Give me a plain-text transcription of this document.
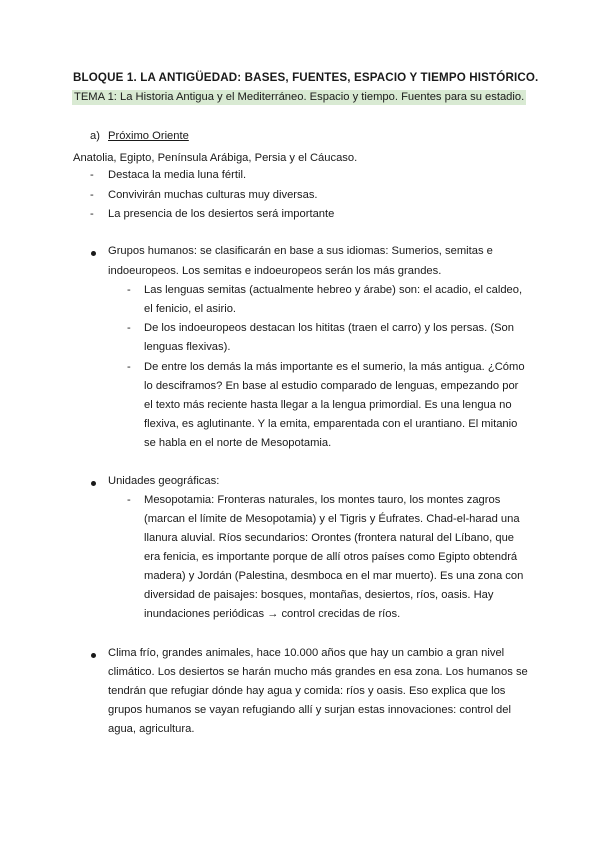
BLOQUE 1. LA ANTIGÜEDAD: BASES, FUENTES, ESPACIO Y TIEMPO HISTÓRICO.
TEMA 1: La Historia Antigua y el Mediterráneo. Espacio y tiempo. Fuentes para su estadio.
a) Próximo Oriente
Anatolia, Egipto, Península Arábiga, Persia y el Cáucaso.
- Destaca la media luna fértil.
- Convivirán muchas culturas muy diversas.
- La presencia de los desiertos será importante
Grupos humanos: se clasificarán en base a sus idiomas: Sumerios, semitas e
indoeuropeos. Los semitas e indoeuropeos serán los más grandes.
- Las lenguas semitas (actualmente hebreo y árabe) son: el acadio, el caldeo,
el fenicio, el asirio.
- De los indoeuropeos destacan los hititas (traen el carro) y los persas. (Son
lenguas flexivas).
- De entre los demás la más importante es el sumerio, la más antigua. ¿Cómo
lo desciframos? En base al estudio comparado de lenguas, empezando por
el texto más reciente hasta llegar a la lengua primordial. Es una lengua no
flexiva, es aglutinante. Y la emita, emparentada con el urantiano. El mitanio
se habla en el norte de Mesopotamia.
Unidades geográficas:
- Mesopotamia: Fronteras naturales, los montes tauro, los montes zagros
(marcan el límite de Mesopotamia) y el Tigris y Éufrates. Chad-el-harad una
llanura aluvial. Ríos secundarios: Orontes (frontera natural del Líbano, que
era fenicia, es importante porque de allí otros países como Egipto obtendrá
madera) y Jordán (Palestina, desmboca en el mar muerto). Es una zona con
diversidad de paisajes: bosques, montañas, desiertos, ríos, oasis. Hay
inundaciones periódicas → control crecidas de ríos.
Clima frío, grandes animales, hace 10.000 años que hay un cambio a gran nivel
climático. Los desiertos se harán mucho más grandes en esa zona. Los humanos se
tendrán que refugiar dónde hay agua y comida: ríos y oasis. Eso explica que los
grupos humanos se vayan refugiando allí y surjan estas innovaciones: control del
agua, agricultura.
